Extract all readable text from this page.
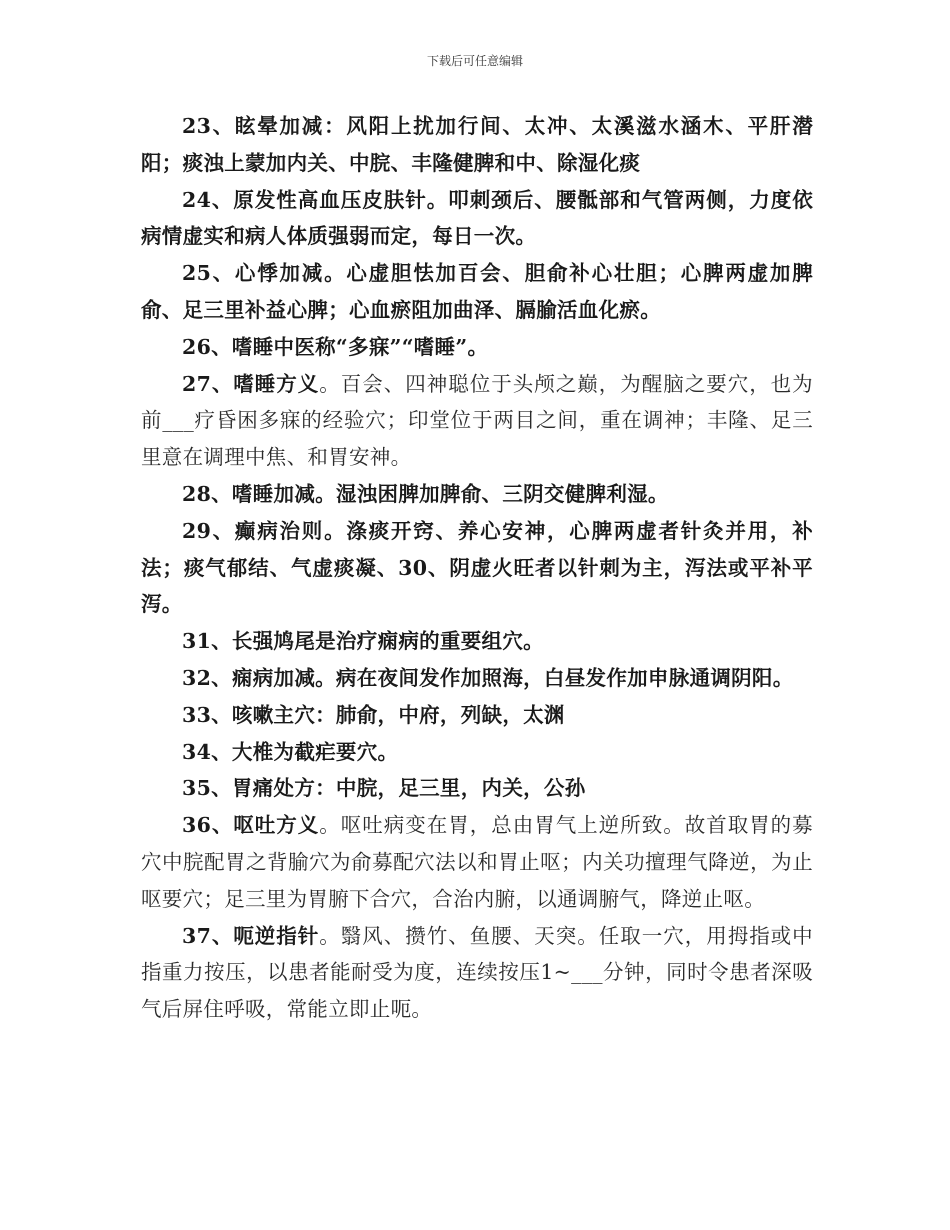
下载后可任意编辑

23、眩晕加减：风阳上扰加行间、太冲、太溪滋水涵木、平肝潜阳；痰浊上蒙加内关、中脘、丰隆健脾和中、除湿化痰

24、原发性高血压皮肤针。叩刺颈后、腰骶部和气管两侧，力度依病情虚实和病人体质强弱而定，每日一次。

25、心悸加减。心虚胆怯加百会、胆俞补心壮胆；心脾两虚加脾俞、足三里补益心脾；心血瘀阻加曲泽、膈腧活血化瘀。

26、嗜睡中医称“多寐”“嗜睡”。

27、嗜睡方义。百会、四神聪位于头颅之巅，为醒脑之要穴，也为前___疗昏困多寐的经验穴；印堂位于两目之间，重在调神；丰隆、足三里意在调理中焦、和胃安神。

28、嗜睡加减。湿浊困脾加脾俞、三阴交健脾利湿。

29、癫病治则。涤痰开窍、养心安神，心脾两虚者针灸并用，补法；痰气郁结、气虚痰凝、30、阴虚火旺者以针刺为主，泻法或平补平泻。

31、长强鸠尾是治疗痫病的重要组穴。

32、痫病加减。病在夜间发作加照海，白昼发作加申脉通调阴阳。

33、咳嗽主穴：肺俞，中府，列缺，太渊

34、大椎为截疟要穴。

35、胃痛处方：中脘，足三里，内关，公孙

36、呕吐方义。呕吐病变在胃，总由胃气上逆所致。故首取胃的募穴中脘配胃之背腧穴为俞募配穴法以和胃止呕；内关功擅理气降逆，为止呕要穴；足三里为胃腑下合穴，合治内腑，以通调腑气，降逆止呕。

37、呃逆指针。翳风、攒竹、鱼腰、天突。任取一穴，用拇指或中指重力按压，以患者能耐受为度，连续按压1~___分钟，同时令患者深吸气后屏住呼吸，常能立即止呃。
